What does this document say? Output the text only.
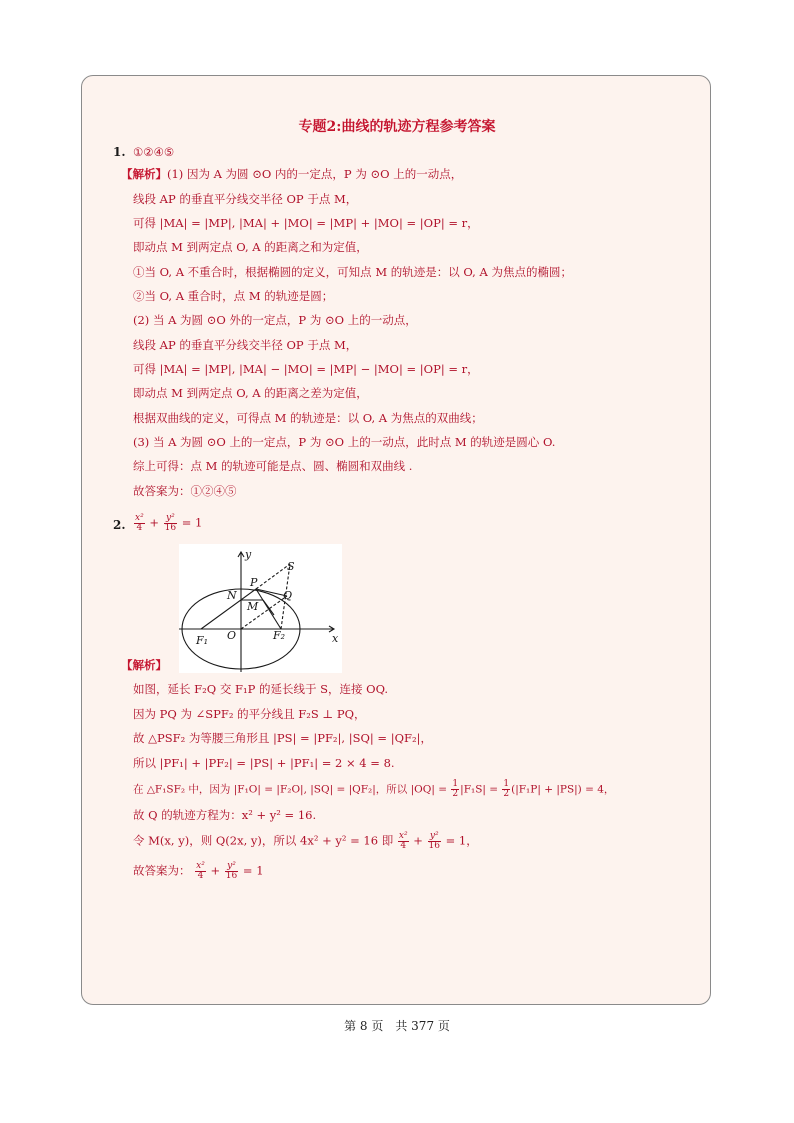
专题2:曲线的轨迹方程参考答案
1. ①②④⑤
【解析】(1) 因为 A 为圆 ⊙O 内的一定点，P 为 ⊙O 上的一动点，
线段 AP 的垂直平分线交半径 OP 于点 M，
可得 |MA| = |MP|, |MA| + |MO| = |MP| + |MO| = |OP| = r，
即动点 M 到两定点 O, A 的距离之和为定值，
①当 O, A 不重合时，根据椭圆的定义，可知点 M 的轨迹是：以 O, A 为焦点的椭圆；
②当 O, A 重合时，点 M 的轨迹是圆；
(2) 当 A 为圆 ⊙O 外的一定点，P 为 ⊙O 上的一动点，
线段 AP 的垂直平分线交半径 OP 于点 M，
可得 |MA| = |MP|, |MA| − |MO| = |MP| − |MO| = |OP| = r，
即动点 M 到两定点 O, A 的距离之差为定值，
根据双曲线的定义，可得点 M 的轨迹是：以 O, A 为焦点的双曲线；
(3) 当 A 为圆 ⊙O 上的一定点，P 为 ⊙O 上的一动点，此时点 M 的轨迹是圆心 O.
综上可得：点 M 的轨迹可能是点、圆、椭圆和双曲线 .
故答案为：①②④⑤
2. $\frac{\text{x²}}{4} + \frac{\text{y²}}{16} = 1$
y
x
S
P
N	Q
M
O
F₁	F₂
【解析】
如图，延长 F₂Q 交 F₁P 的延长线于 S，连接 OQ.
因为 PQ 为 ∠SPF₂ 的平分线且 F₂S ⊥ PQ，
故 △PSF₂ 为等腰三角形且 |PS| = |PF₂|, |SQ| = |QF₂|，
所以 |PF₁| + |PF₂| = |PS| + |PF₁| = 2 × 4 = 8.
在 △F₁SF₂ 中，因为 |F₁O| = |F₂O|, |SQ| = |QF₂|，所以 $|OQ| = \frac{1}{2} |F_1S| = \frac{1}{2} (|F_1P| + |PS|) = 4$，
故 Q 的轨迹方程为：x² + y² = 16.
令 M(x, y)，则 Q(2x, y)，所以 4x² + y² = 16 即 $\frac{\text{x²}}{4} + \frac{\text{y²}}{16} = 1$，
故答案为： $\frac{\text{x²}}{4} + \frac{\text{y²}}{16} = 1$
第 8 页　共 377 页
